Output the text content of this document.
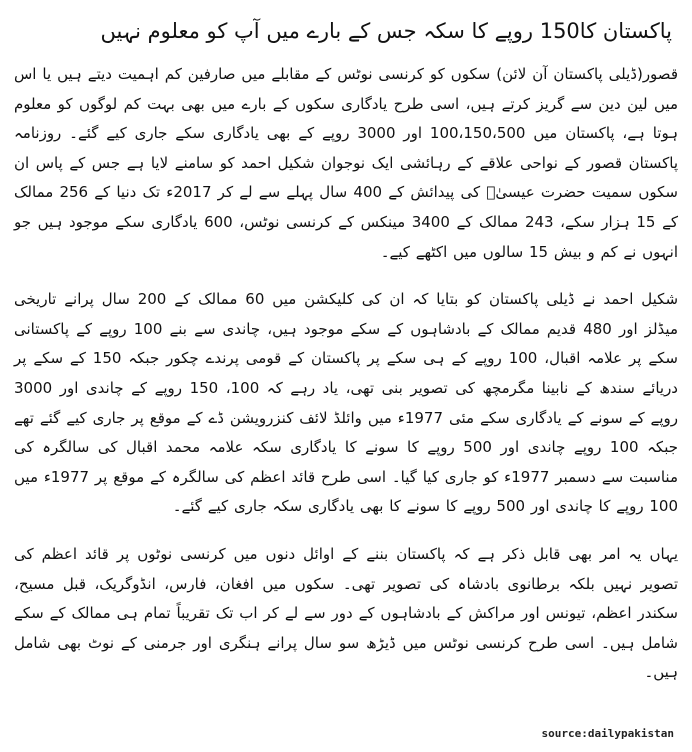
پاکستان کا150 روپے کا سکہ جس کے بارے میں آپ کو معلوم نہیں

قصور(ڈیلی پاکستان آن لائن) سکوں کو کرنسی نوٹس کے مقابلے میں صارفین کم اہمیت دیتے ہیں یا اس میں لین دین سے گریز کرتے ہیں، اسی طرح یادگاری سکوں کے بارے میں بھی بہت کم لوگوں کو معلوم ہوتا ہے، پاکستان میں 100،150،500 اور 3000 روپے کے بھی یادگاری سکے جاری کیے گئے۔ روزنامہ پاکستان قصور کے نواحی علاقے کے رہائشی ایک نوجوان شکیل احمد کو سامنے لایا ہے جس کے پاس ان سکوں سمیت حضرت عیسیٰؑ کی پیدائش کے 400 سال پہلے سے لے کر 2017ء تک دنیا کے 256 ممالک کے 15 ہزار سکے، 243 ممالک کے 3400 مینکس کے کرنسی نوٹس، 600 یادگاری سکے موجود ہیں جو انہوں نے کم و بیش 15 سالوں میں اکٹھے کیے۔

شکیل احمد نے ڈیلی پاکستان کو بتایا کہ ان کی کلیکشن میں 60 ممالک کے 200 سال پرانے تاریخی میڈلز اور 480 قدیم ممالک کے بادشاہوں کے سکے موجود ہیں، چاندی سے بنے 100 روپے کے پاکستانی سکے پر علامہ اقبال، 100 روپے کے ہی سکے پر پاکستان کے قومی پرندے چکور جبکہ 150 کے سکے پر دریائے سندھ کے نابینا مگرمچھ کی تصویر بنی تھی، یاد رہے کہ 100، 150 روپے کے چاندی اور 3000 روپے کے سونے کے یادگاری سکے مئی 1977ء میں وائلڈ لائف کنزرویشن ڈے کے موقع پر جاری کیے گئے تھے جبکہ 100 روپے چاندی اور 500 روپے کا سونے کا یادگاری سکہ علامہ محمد اقبال کی سالگرہ کی مناسبت سے دسمبر 1977ء کو جاری کیا گیا۔ اسی طرح قائد اعظم کی سالگرہ کے موقع پر 1977ء میں 100 روپے کا چاندی اور 500 روپے کا سونے کا بھی یادگاری سکہ جاری کیے گئے۔

یہاں یہ امر بھی قابل ذکر ہے کہ پاکستان بننے کے اوائل دنوں میں کرنسی نوٹوں پر قائد اعظم کی تصویر نہیں بلکہ برطانوی بادشاہ کی تصویر تھی۔ سکوں میں افغان، فارس، انڈوگریک، قبل مسیح، سکندر اعظم، تیونس اور مراکش کے بادشاہوں کے دور سے لے کر اب تک تقریباً تمام ہی ممالک کے سکے شامل ہیں۔ اسی طرح کرنسی نوٹس میں ڈیڑھ سو سال پرانے ہنگری اور جرمنی کے نوٹ بھی شامل ہیں۔

source:dailypakistan
